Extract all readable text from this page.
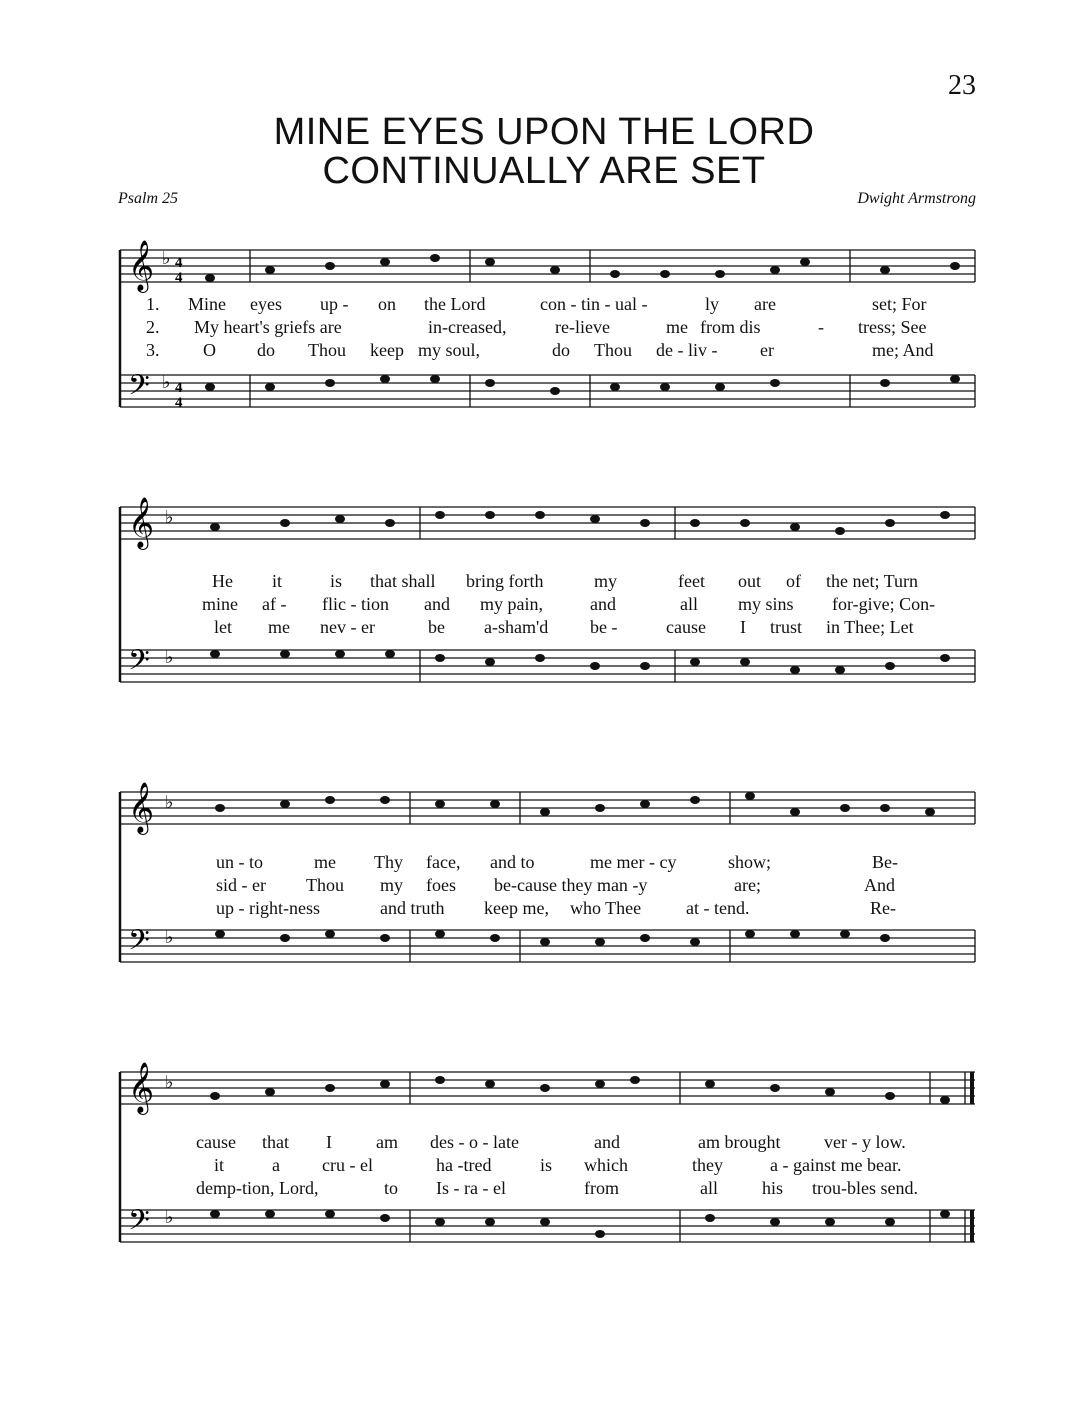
23
MINE EYES UPON THE LORD
CONTINUALLY ARE SET
Psalm 25	Dwight Armstrong
𝄞
𝄢
♭ 4
4
♭ 4
4
1. Mine eyes up - on the Lord	con - tin - ual -	ly are	set; For
2. My heart's griefs are	in-creased,	re-lieve	me from dis	- tress; See
3. O do Thou keep my soul,	do Thou de - liv - er	me; And
𝄞
𝄢
♭
♭
He it	is that shall bring forth	my	feet out of the net; Turn
mine af - flic - tion and my pain,	and	all my sins for-give; Con-
let me nev - er	be a-sham'd be -	cause I trust in Thee; Let
𝄞
𝄢
♭
♭
un - to	me Thy face, and to	me mer - cy	show;	Be-
sid - er Thou my foes be-cause they man -y	are;	And
up - right-ness	and truth keep me, who Thee at - tend.	Re-
𝄞
𝄢
♭
♭
cause that I am des - o - late	and	am brought ver - y low.
it	a cru - el	ha -tred	is which	they	a - gainst me bear.
demp-tion, Lord,	to Is - ra - el	from	all his trou-bles send.
